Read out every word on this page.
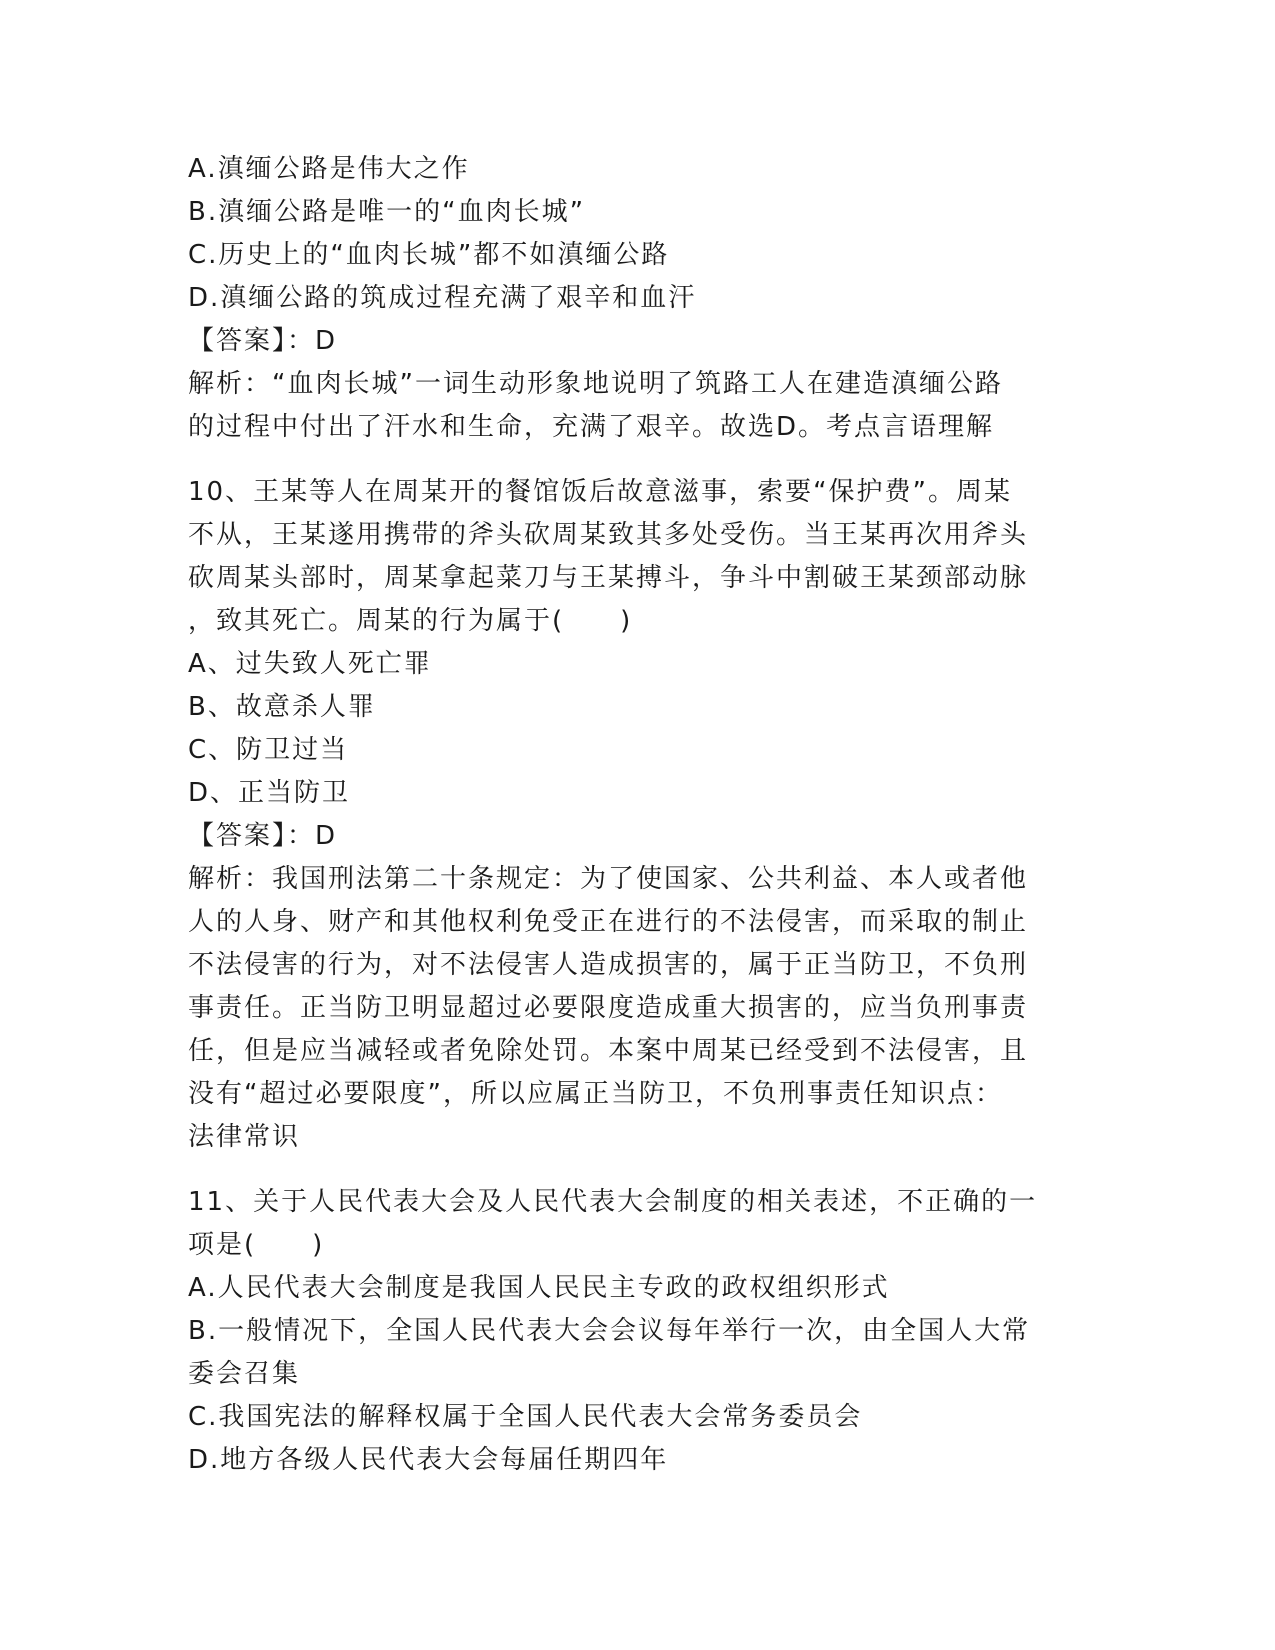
A.滇缅公路是伟大之作
B.滇缅公路是唯一的“血肉长城”
C.历史上的“血肉长城”都不如滇缅公路
D.滇缅公路的筑成过程充满了艰辛和血汗
【答案】：D
解析：“血肉长城”一词生动形象地说明了筑路工人在建造滇缅公路
的过程中付出了汗水和生命，充满了艰辛。故选D。考点言语理解
10、王某等人在周某开的餐馆饭后故意滋事，索要“保护费”。周某
不从，王某遂用携带的斧头砍周某致其多处受伤。当王某再次用斧头
砍周某头部时，周某拿起菜刀与王某搏斗，争斗中割破王某颈部动脉
，致其死亡。周某的行为属于(　　)
A、过失致人死亡罪
B、故意杀人罪
C、防卫过当
D、正当防卫
【答案】：D
解析：我国刑法第二十条规定：为了使国家、公共利益、本人或者他
人的人身、财产和其他权利免受正在进行的不法侵害，而采取的制止
不法侵害的行为，对不法侵害人造成损害的，属于正当防卫，不负刑
事责任。正当防卫明显超过必要限度造成重大损害的，应当负刑事责
任，但是应当减轻或者免除处罚。本案中周某已经受到不法侵害，且
没有“超过必要限度”，所以应属正当防卫，不负刑事责任知识点：
法律常识
11、关于人民代表大会及人民代表大会制度的相关表述，不正确的一
项是(　　)
A.人民代表大会制度是我国人民民主专政的政权组织形式
B.一般情况下，全国人民代表大会会议每年举行一次，由全国人大常
委会召集
C.我国宪法的解释权属于全国人民代表大会常务委员会
D.地方各级人民代表大会每届任期四年
